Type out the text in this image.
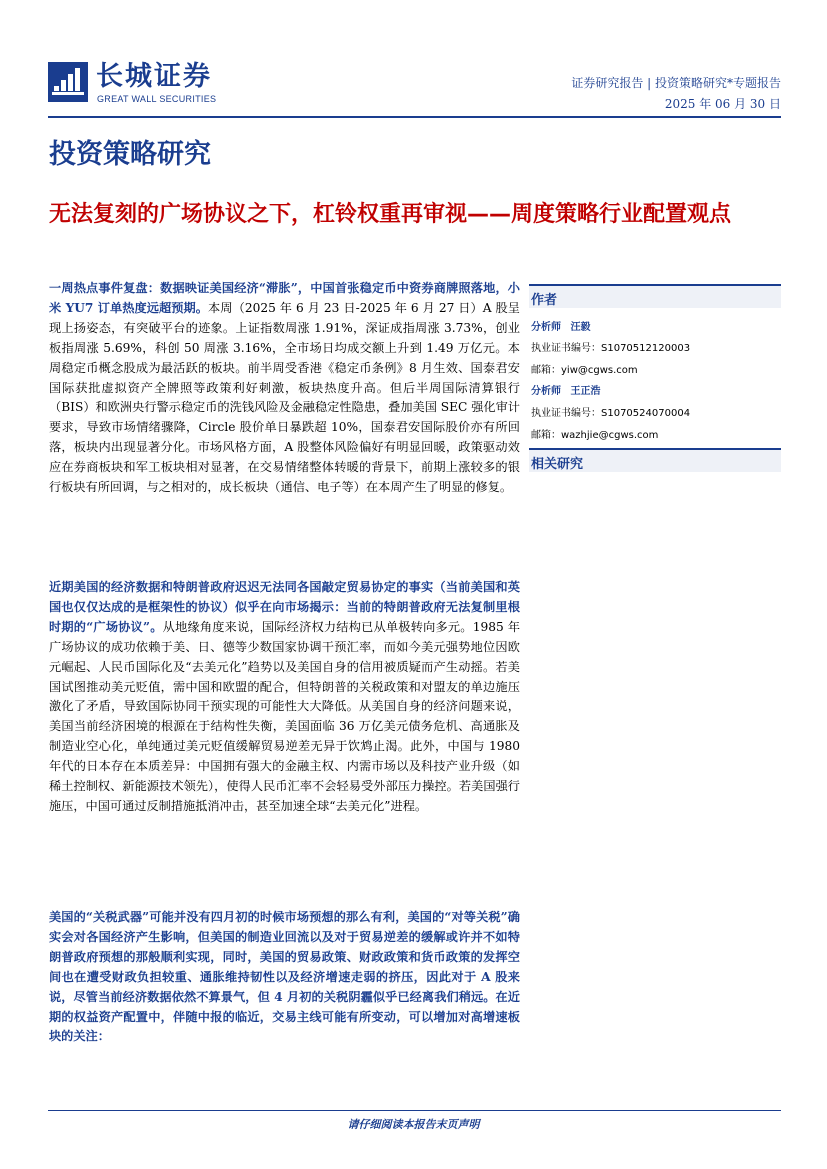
长城证券
GREAT WALL SECURITIES
证券研究报告 | 投资策略研究*专题报告
2025 年 06 月 30 日
投资策略研究
无法复刻的广场协议之下，杠铃权重再审视——周度策略行业配置观点
一周热点事件复盘：数据映证美国经济“滞胀”，中国首张稳定币中资券商牌照落地，小米 YU7 订单热度远超预期。本周（2025 年 6 月 23 日-2025 年 6 月 27 日）A 股呈现上扬姿态，有突破平台的迹象。上证指数周涨 1.91%，深证成指周涨 3.73%，创业板指周涨 5.69%，科创 50 周涨 3.16%，全市场日均成交额上升到 1.49 万亿元。本周稳定币概念股成为最活跃的板块。前半周受香港《稳定币条例》8 月生效、国泰君安国际获批虚拟资产全牌照等政策利好刺激，板块热度升高。但后半周国际清算银行（BIS）和欧洲央行警示稳定币的洗钱风险及金融稳定性隐患，叠加美国 SEC 强化审计要求，导致市场情绪骤降，Circle 股价单日暴跌超 10%，国泰君安国际股价亦有所回落，板块内出现显著分化。市场风格方面，A 股整体风险偏好有明显回暖，政策驱动效应在券商板块和军工板块相对显著，在交易情绪整体转暖的背景下，前期上涨较多的银行板块有所回调，与之相对的，成长板块（通信、电子等）在本周产生了明显的修复。
近期美国的经济数据和特朗普政府迟迟无法同各国敲定贸易协定的事实（当前美国和英国也仅仅达成的是框架性的协议）似乎在向市场揭示：当前的特朗普政府无法复制里根时期的“广场协议”。从地缘角度来说，国际经济权力结构已从单极转向多元。1985 年广场协议的成功依赖于美、日、德等少数国家协调干预汇率，而如今美元强势地位因欧元崛起、人民币国际化及“去美元化”趋势以及美国自身的信用被质疑而产生动摇。若美国试图推动美元贬值，需中国和欧盟的配合，但特朗普的关税政策和对盟友的单边施压激化了矛盾，导致国际协同干预实现的可能性大大降低。从美国自身的经济问题来说，美国当前经济困境的根源在于结构性失衡，美国面临 36 万亿美元债务危机、高通胀及制造业空心化，单纯通过美元贬值缓解贸易逆差无异于饮鸩止渴。此外，中国与 1980 年代的日本存在本质差异：中国拥有强大的金融主权、内需市场以及科技产业升级（如稀土控制权、新能源技术领先），使得人民币汇率不会轻易受外部压力操控。若美国强行施压，中国可通过反制措施抵消冲击，甚至加速全球“去美元化”进程。
美国的“关税武器”可能并没有四月初的时候市场预想的那么有利，美国的“对等关税”确实会对各国经济产生影响，但美国的制造业回流以及对于贸易逆差的缓解或许并不如特朗普政府预想的那般顺利实现，同时，美国的贸易政策、财政政策和货币政策的发挥空间也在遭受财政负担较重、通胀维持韧性以及经济增速走弱的挤压，因此对于 A 股来说，尽管当前经济数据依然不算景气，但 4 月初的关税阴霾似乎已经离我们稍远。在近期的权益资产配置中，伴随中报的临近，交易主线可能有所变动，可以增加对高增速板块的关注：
作者
分析师 汪毅
执业证书编号：S1070512120003
邮箱：yiw@cgws.com
分析师 王正浩
执业证书编号：S1070524070004
邮箱：wazhjie@cgws.com
相关研究
请仔细阅读本报告末页声明
